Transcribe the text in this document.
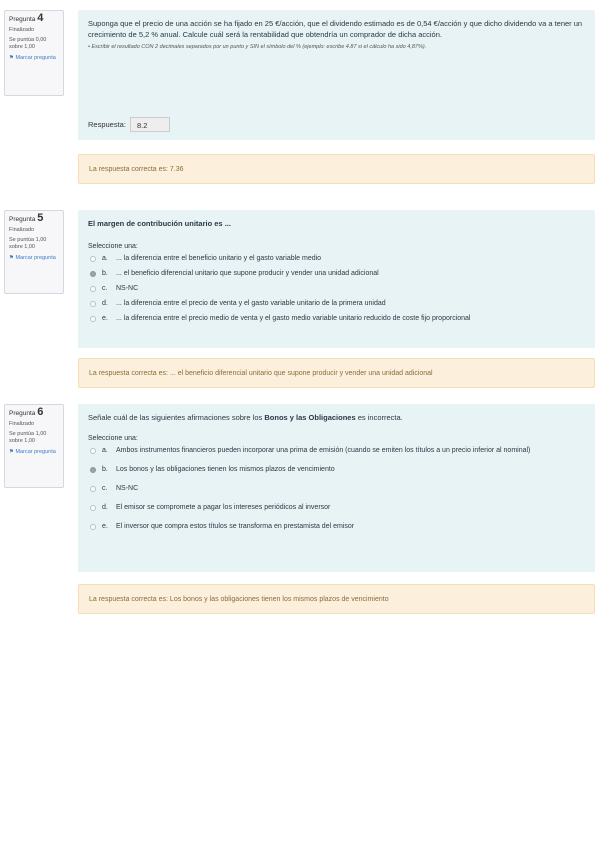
Pregunta 4
Finalizado
Se puntúa 0,00 sobre 1,00
⚑ Marcar pregunta
Suponga que el precio de una acción se ha fijado en 25 €/acción, que el dividendo estimado es de 0,54 €/acción y que dicho dividendo va a tener un crecimiento de 5,2 % anual. Calcule cuál será la rentabilidad que obtendría un comprador de dicha acción.
• Escribir el resultado CON 2 decimales separados por un punto y SIN el símbolo del % (ejemplo: escribe 4.87 si el cálculo ha sido 4,87%).
Respuesta:	8.2
La respuesta correcta es: 7.36
Pregunta 5
Finalizado
Se puntúa 1,00 sobre 1,00
⚑ Marcar pregunta
El margen de contribución unitario es ...
Seleccione una:
a.	... la diferencia entre el beneficio unitario y el gasto variable medio
b.	... el beneficio diferencial unitario que supone producir y vender una unidad adicional
c.	NS-NC
d.	... la diferencia entre el precio de venta y el gasto variable unitario de la primera unidad
e.	... la diferencia entre el precio medio de venta y el gasto medio variable unitario reducido de coste fijo proporcional
La respuesta correcta es: ... el beneficio diferencial unitario que supone producir y vender una unidad adicional
Pregunta 6
Finalizado
Se puntúa 1,00 sobre 1,00
⚑ Marcar pregunta
Señale cuál de las siguientes afirmaciones sobre los Bonos y las Obligaciones es incorrecta.
Seleccione una:
a.	Ambos instrumentos financieros pueden incorporar una prima de emisión (cuando se emiten los títulos a un precio inferior al nominal)
b.	Los bonos y las obligaciones tienen los mismos plazos de vencimiento
c.	NS-NC
d.	El emisor se compromete a pagar los intereses periódicos al inversor
e.	El inversor que compra estos títulos se transforma en prestamista del emisor
La respuesta correcta es: Los bonos y las obligaciones tienen los mismos plazos de vencimiento
